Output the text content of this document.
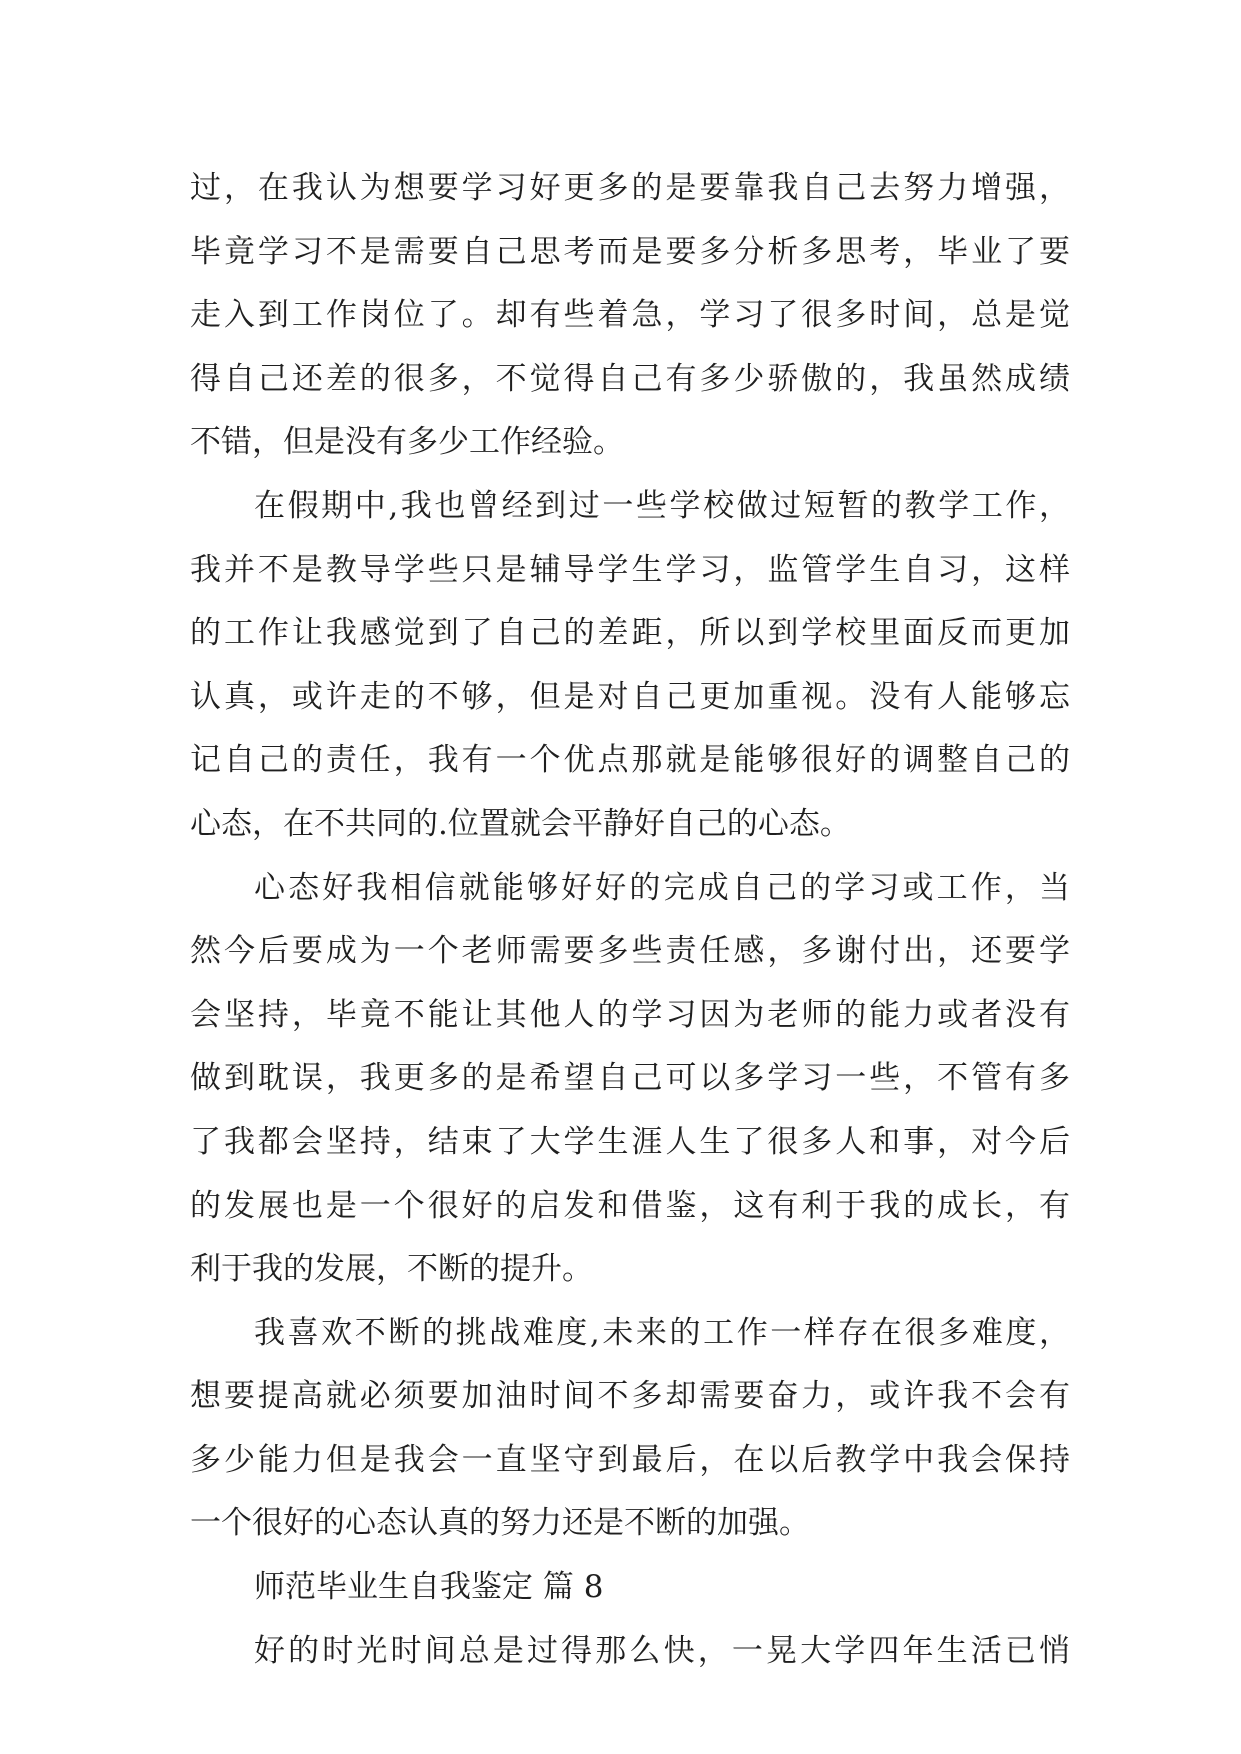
过，在我认为想要学习好更多的是要靠我自己去努力增强，
毕竟学习不是需要自己思考而是要多分析多思考，毕业了要
走入到工作岗位了。却有些着急，学习了很多时间，总是觉
得自己还差的很多，不觉得自己有多少骄傲的，我虽然成绩
不错，但是没有多少工作经验。
在假期中,我也曾经到过一些学校做过短暂的教学工作，
我并不是教导学些只是辅导学生学习，监管学生自习，这样
的工作让我感觉到了自己的差距，所以到学校里面反而更加
认真，或许走的不够，但是对自己更加重视。没有人能够忘
记自己的责任，我有一个优点那就是能够很好的调整自己的
心态，在不共同的.位置就会平静好自己的心态。
心态好我相信就能够好好的完成自己的学习或工作，当
然今后要成为一个老师需要多些责任感，多谢付出，还要学
会坚持，毕竟不能让其他人的学习因为老师的能力或者没有
做到耽误，我更多的是希望自己可以多学习一些，不管有多
了我都会坚持，结束了大学生涯人生了很多人和事，对今后
的发展也是一个很好的启发和借鉴，这有利于我的成长，有
利于我的发展，不断的提升。
我喜欢不断的挑战难度,未来的工作一样存在很多难度，
想要提高就必须要加油时间不多却需要奋力，或许我不会有
多少能力但是我会一直坚守到最后，在以后教学中我会保持
一个很好的心态认真的努力还是不断的加强。
师范毕业生自我鉴定 篇 8
好的时光时间总是过得那么快，一晃大学四年生活已悄
